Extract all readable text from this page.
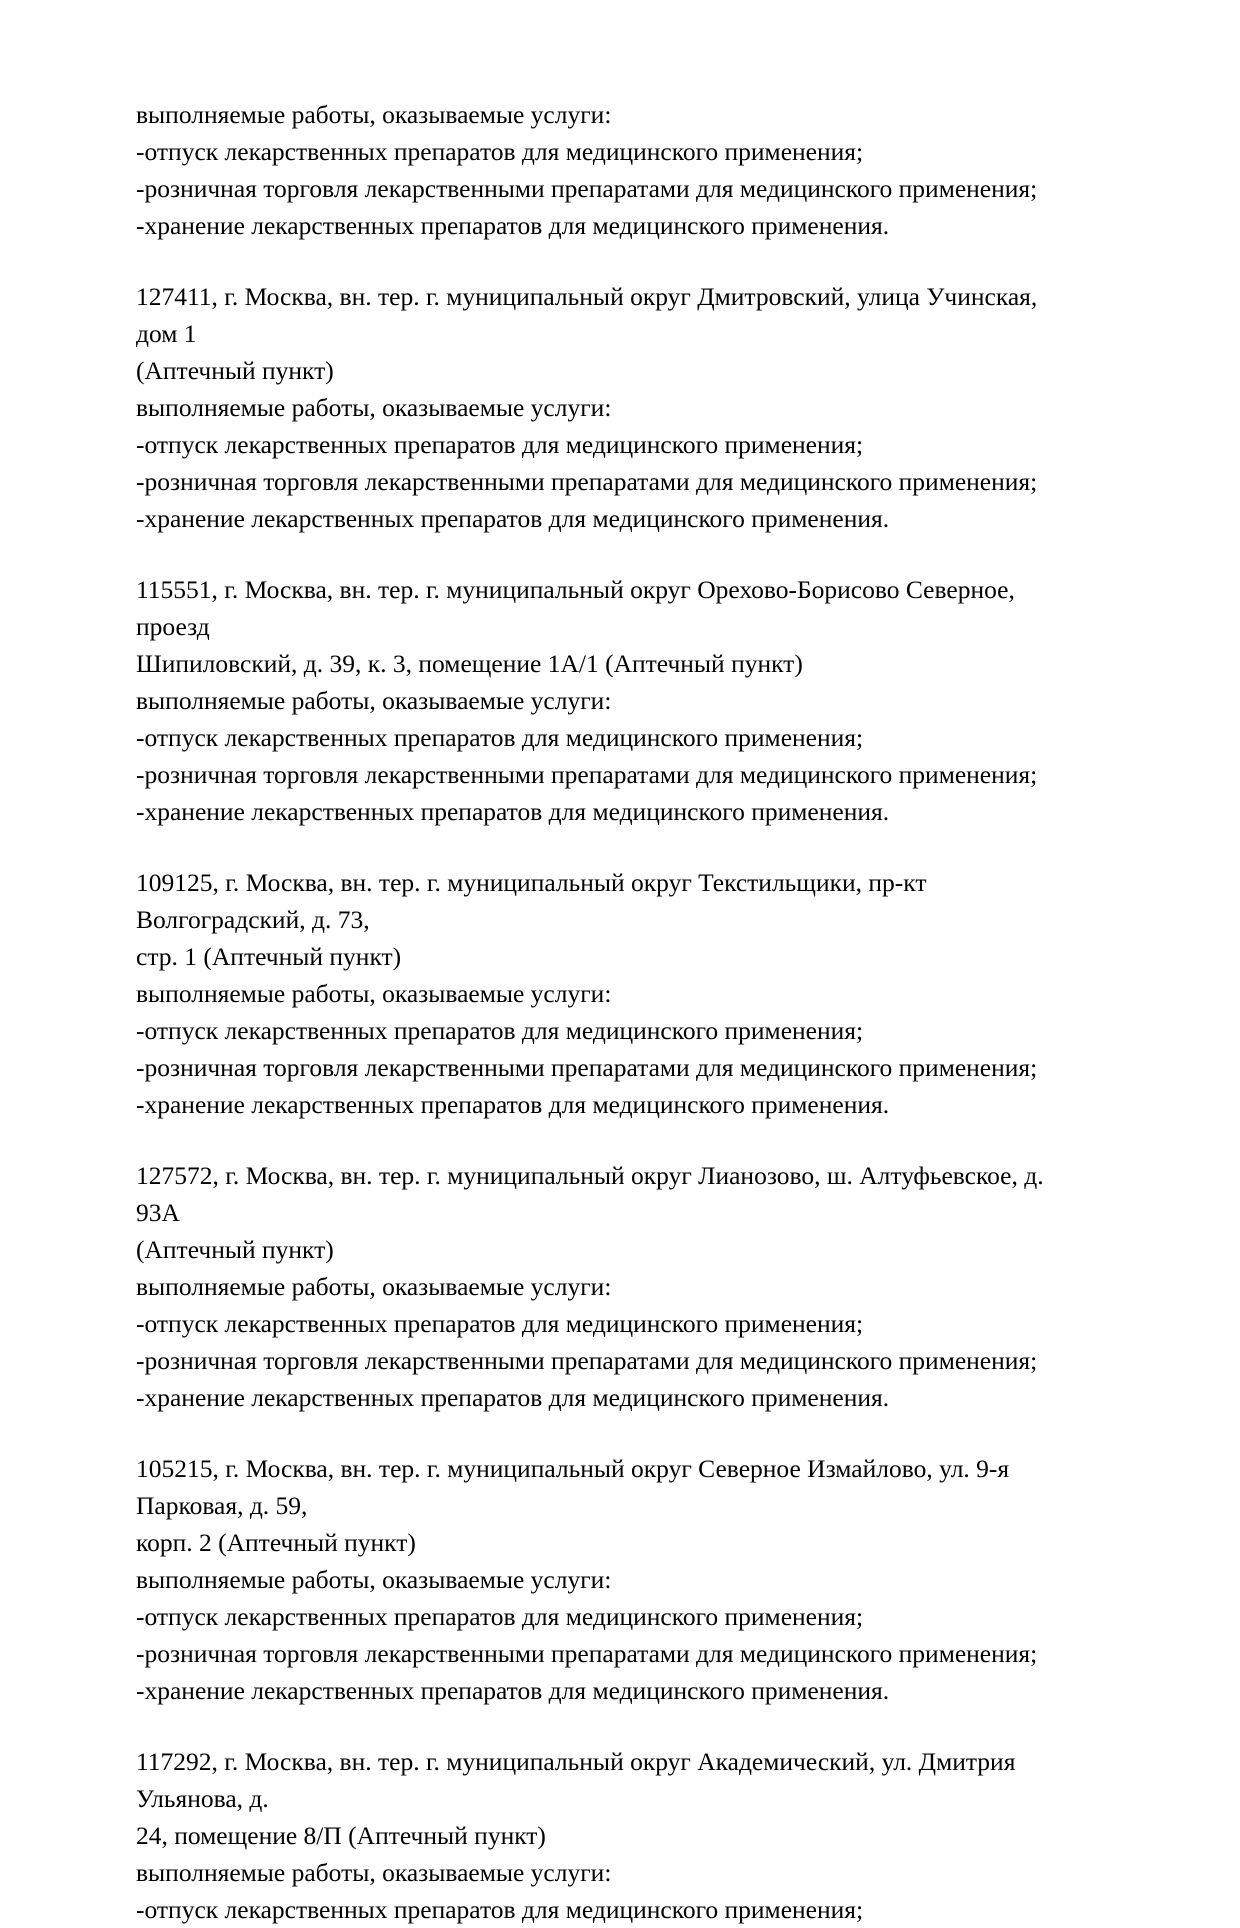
выполняемые работы, оказываемые услуги:

-отпуск лекарственных препаратов для медицинского применения;

-розничная торговля лекарственными препаратами для медицинского применения;

-хранение лекарственных препаратов для медицинского применения.

127411, г. Москва, вн. тер. г. муниципальный округ Дмитровский, улица Учинская, дом 1

(Аптечный пункт)

выполняемые работы, оказываемые услуги:

-отпуск лекарственных препаратов для медицинского применения;

-розничная торговля лекарственными препаратами для медицинского применения;

-хранение лекарственных препаратов для медицинского применения.

115551, г. Москва, вн. тер. г. муниципальный округ Орехово-Борисово Северное, проезд

Шипиловский, д. 39, к. 3, помещение 1А/1 (Аптечный пункт)

выполняемые работы, оказываемые услуги:

-отпуск лекарственных препаратов для медицинского применения;

-розничная торговля лекарственными препаратами для медицинского применения;

-хранение лекарственных препаратов для медицинского применения.

109125, г. Москва, вн. тер. г. муниципальный округ Текстильщики, пр-кт Волгоградский, д. 73,

стр. 1 (Аптечный пункт)

выполняемые работы, оказываемые услуги:

-отпуск лекарственных препаратов для медицинского применения;

-розничная торговля лекарственными препаратами для медицинского применения;

-хранение лекарственных препаратов для медицинского применения.

127572, г. Москва, вн. тер. г. муниципальный округ Лианозово, ш. Алтуфьевское, д. 93А

(Аптечный пункт)

выполняемые работы, оказываемые услуги:

-отпуск лекарственных препаратов для медицинского применения;

-розничная торговля лекарственными препаратами для медицинского применения;

-хранение лекарственных препаратов для медицинского применения.

105215, г. Москва, вн. тер. г. муниципальный округ Северное Измайлово, ул. 9-я Парковая, д. 59,

корп. 2 (Аптечный пункт)

выполняемые работы, оказываемые услуги:

-отпуск лекарственных препаратов для медицинского применения;

-розничная торговля лекарственными препаратами для медицинского применения;

-хранение лекарственных препаратов для медицинского применения.

117292, г. Москва, вн. тер. г. муниципальный округ Академический, ул. Дмитрия Ульянова, д.

24, помещение 8/П (Аптечный пункт)

выполняемые работы, оказываемые услуги:

-отпуск лекарственных препаратов для медицинского применения;
